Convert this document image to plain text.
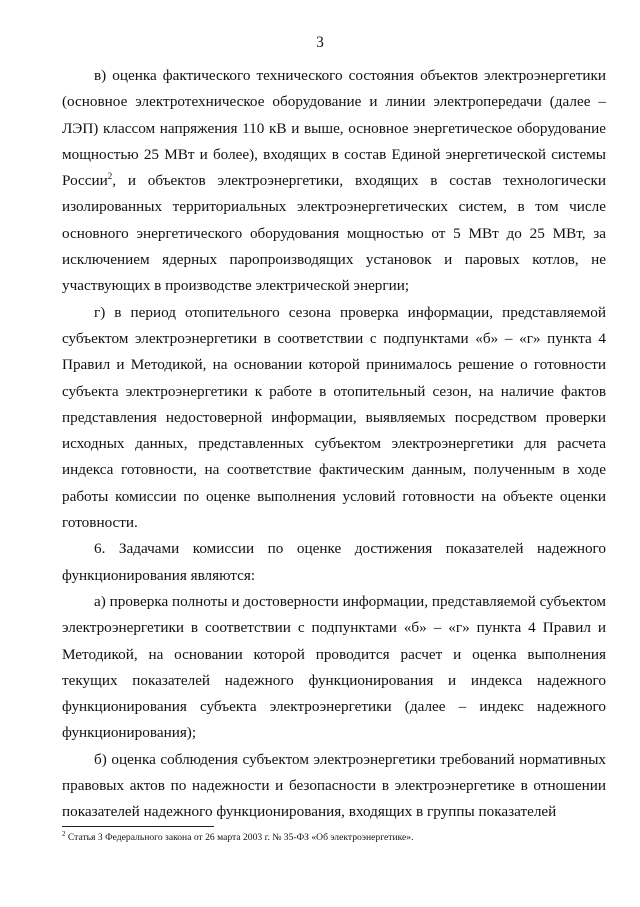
3

в) оценка фактического технического состояния объектов электроэнергетики (основное электротехническое оборудование и линии электропередачи (далее – ЛЭП) классом напряжения 110 кВ и выше, основное энергетическое оборудование мощностью 25 МВт и более), входящих в состав Единой энергетической системы России$^2$, и объектов электроэнергетики, входящих в состав технологически изолированных территориальных электроэнергетических систем, в том числе основного энергетического оборудования мощностью от 5 МВт до 25 МВт, за исключением ядерных паропроизводящих установок и паровых котлов, не участвующих в производстве электрической энергии;

г) в период отопительного сезона проверка информации, представляемой субъектом электроэнергетики в соответствии с подпунктами «б» – «г» пункта 4 Правил и Методикой, на основании которой принималось решение о готовности субъекта электроэнергетики к работе в отопительный сезон, на наличие фактов представления недостоверной информации, выявляемых посредством проверки исходных данных, представленных субъектом электроэнергетики для расчета индекса готовности, на соответствие фактическим данным, полученным в ходе работы комиссии по оценке выполнения условий готовности на объекте оценки готовности.

6. Задачами комиссии по оценке достижения показателей надежного функционирования являются:

а) проверка полноты и достоверности информации, представляемой субъектом электроэнергетики в соответствии с подпунктами «б» – «г» пункта 4 Правил и Методикой, на основании которой проводится расчет и оценка выполнения текущих показателей надежного функционирования и индекса надежного функционирования субъекта электроэнергетики (далее – индекс надежного функционирования);

б) оценка соблюдения субъектом электроэнергетики требований нормативных правовых актов по надежности и безопасности в электроэнергетике в отношении показателей надежного функционирования, входящих в группы показателей

$^2$ Статья 3 Федерального закона от 26 марта 2003 г. № 35-ФЗ «Об электроэнергетике».
